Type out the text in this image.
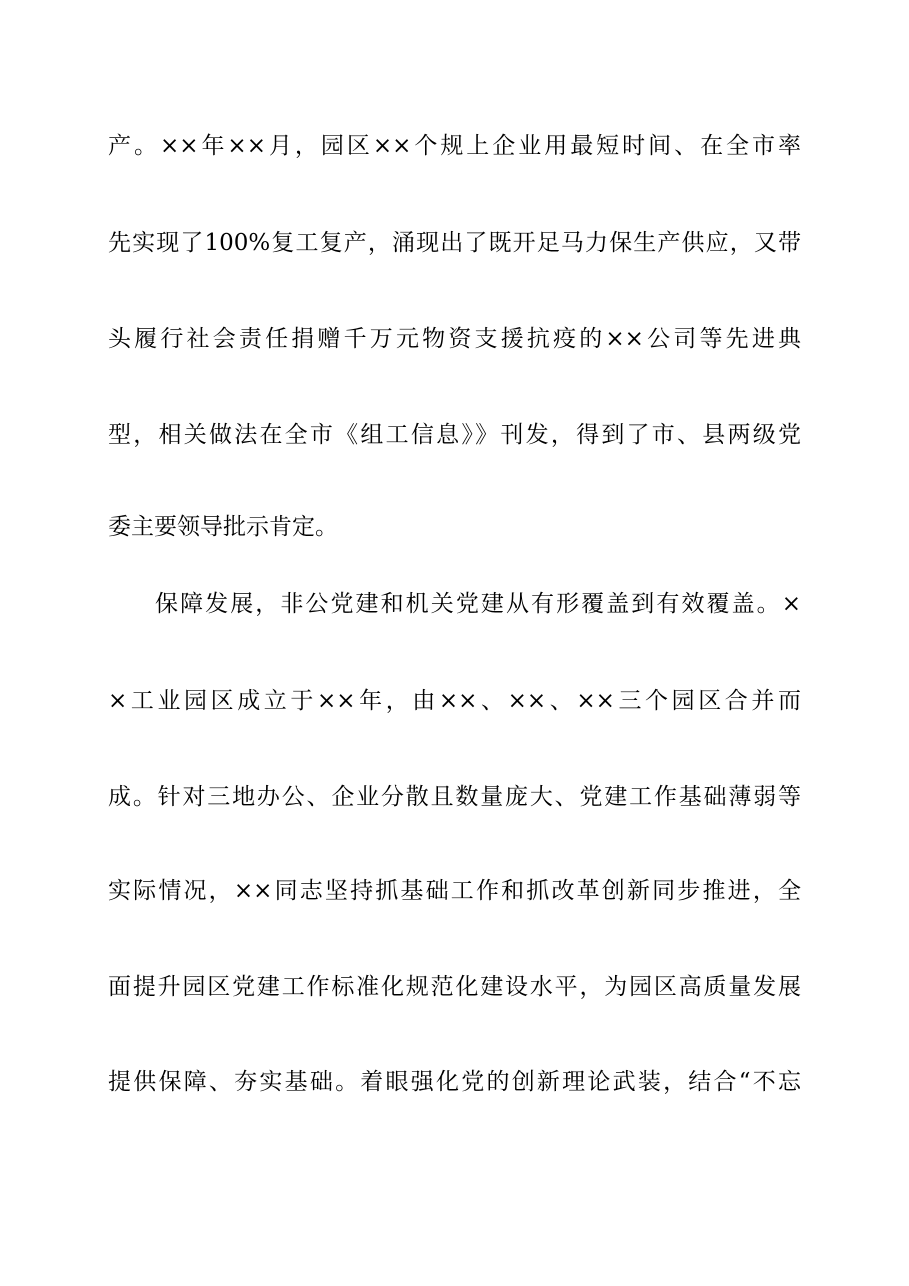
产。××年××月，园区××个规上企业用最短时间、在全市率
先实现了100%复工复产，涌现出了既开足马力保生产供应，又带
头履行社会责任捐赠千万元物资支援抗疫的××公司等先进典
型，相关做法在全市《组工信息》》刊发，得到了市、县两级党
委主要领导批示肯定。
保障发展，非公党建和机关党建从有形覆盖到有效覆盖。×
×工业园区成立于××年，由××、××、××三个园区合并而
成。针对三地办公、企业分散且数量庞大、党建工作基础薄弱等
实际情况，××同志坚持抓基础工作和抓改革创新同步推进，全
面提升园区党建工作标准化规范化建设水平，为园区高质量发展
提供保障、夯实基础。着眼强化党的创新理论武装，结合“不忘
